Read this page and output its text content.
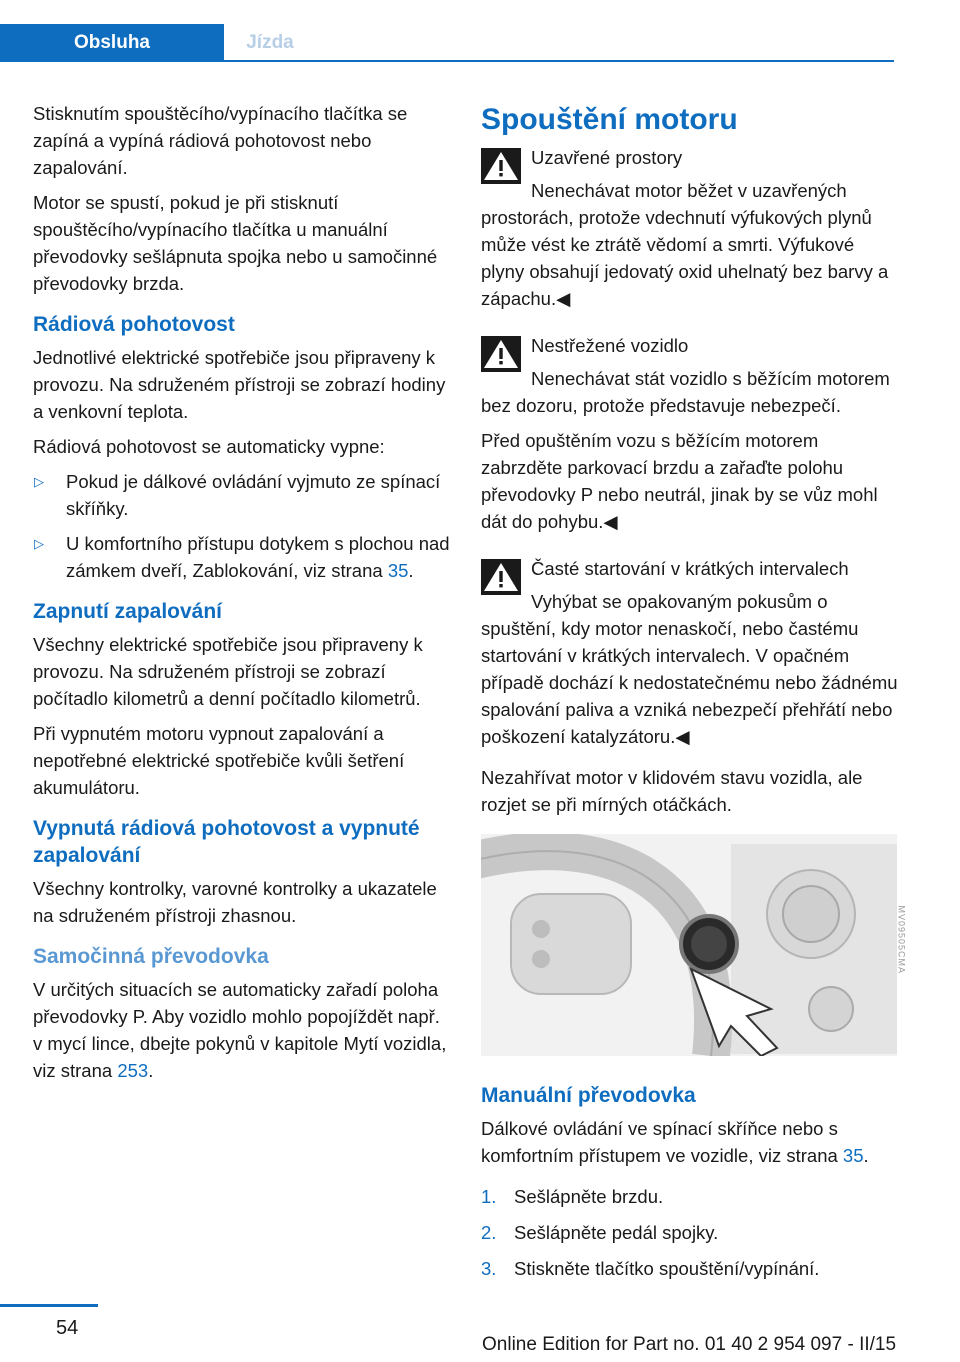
Obsluha	Jízda

Stisknutím spouštěcího/vypínacího tlačítka se zapíná a vypíná rádiová pohotovost nebo zapalování.

Motor se spustí, pokud je při stisknutí spouštěcího/vypínacího tlačítka u manuální převodovky sešlápnuta spojka nebo u samočinné převodovky brzda.

Rádiová pohotovost

Jednotlivé elektrické spotřebiče jsou připraveny k provozu. Na sdruženém přístroji se zobrazí hodiny a venkovní teplota.

Rádiová pohotovost se automaticky vypne:

▷ Pokud je dálkové ovládání vyjmuto ze spínací skříňky.
▷ U komfortního přístupu dotykem s plochou nad zámkem dveří, Zablokování, viz strana 35.
Zapnutí zapalování

Všechny elektrické spotřebiče jsou připraveny k provozu. Na sdruženém přístroji se zobrazí počítadlo kilometrů a denní počítadlo kilometrů.

Při vypnutém motoru vypnout zapalování a nepotřebné elektrické spotřebiče kvůli šetření akumulátoru.

Vypnutá rádiová pohotovost a vypnuté zapalování

Všechny kontrolky, varovné kontrolky a ukazatele na sdruženém přístroji zhasnou.

Samočinná převodovka

V určitých situacích se automaticky zařadí poloha převodovky P. Aby vozidlo mohlo popojíždět např. v mycí lince, dbejte pokynů v kapitole Mytí vozidla, viz strana 253.

Spouštění motoru

Uzavřené prostory

Nenechávat motor běžet v uzavřených prostorách, protože vdechnutí výfukových plynů může vést ke ztrátě vědomí a smrti. Výfukové plyny obsahují jedovatý oxid uhelnatý bez barvy a zápachu.◀

Nestřežené vozidlo

Nenechávat stát vozidlo s běžícím motorem bez dozoru, protože představuje nebezpečí.

Před opuštěním vozu s běžícím motorem zabrzděte parkovací brzdu a zařaďte polohu převodovky P nebo neutrál, jinak by se vůz mohl dát do pohybu.◀

Časté startování v krátkých intervalech

Vyhýbat se opakovaným pokusům o spuštění, kdy motor nenaskočí, nebo častému startování v krátkých intervalech. V opačném případě dochází k nedostatečnému nebo žádnému spalování paliva a vzniká nebezpečí přehřátí nebo poškození katalyzátoru.◀

Nezahřívat motor v klidovém stavu vozidla, ale rozjet se při mírných otáčkách.

MV09505CMA
Manuální převodovka

Dálkové ovládání ve spínací skříňce nebo s komfortním přístupem ve vozidle, viz strana 35.

1. Sešlápněte brzdu.
2. Sešlápněte pedál spojky.
3. Stiskněte tlačítko spouštění/vypínání.
54
Online Edition for Part no. 01 40 2 954 097 - II/15
